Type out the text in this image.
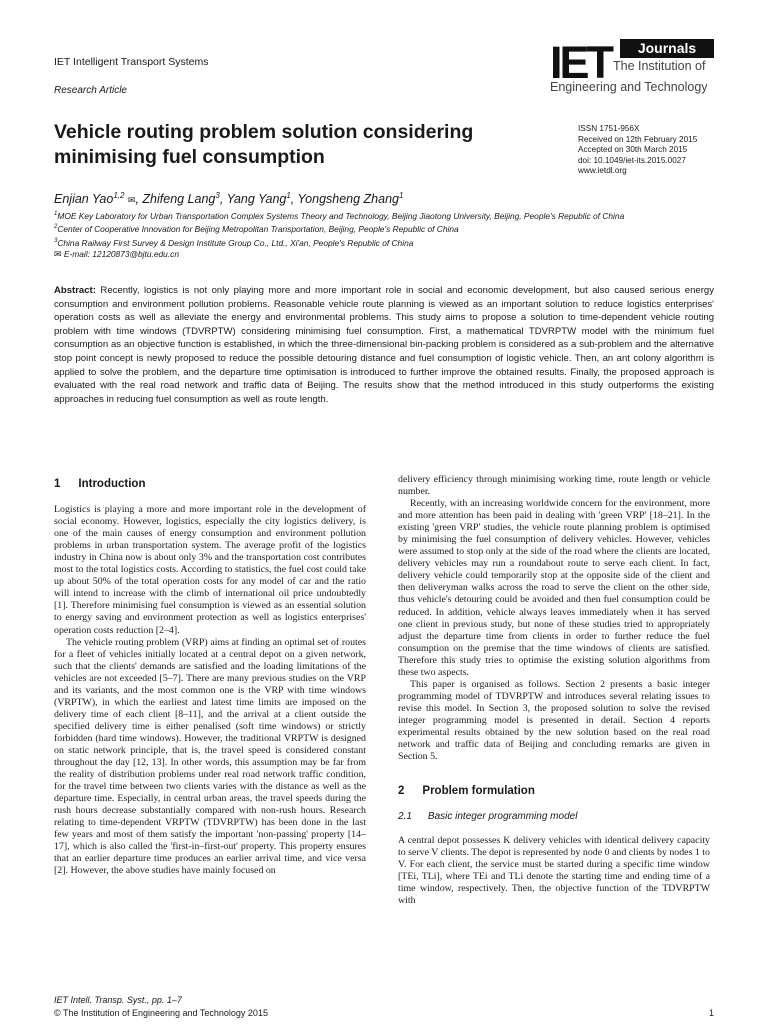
IET Intelligent Transport Systems
Research Article
IET	Journals
The Institution of
Engineering and Technology
Vehicle routing problem solution considering minimising fuel consumption
ISSN 1751-956X
Received on 12th February 2015
Accepted on 30th March 2015
doi: 10.1049/iet-its.2015.0027
www.ietdl.org
Enjian Yao$^{1,2}$ ✉, Zhifeng Lang$^3$, Yang Yang$^1$, Yongsheng Zhang$^1$
$^1$MOE Key Laboratory for Urban Transportation Complex Systems Theory and Technology, Beijing Jiaotong University, Beijing, People's Republic of China
$^2$Center of Cooperative Innovation for Beijing Metropolitan Transportation, Beijing, People's Republic of China
$^3$China Railway First Survey & Design Institute Group Co., Ltd., Xi'an, People's Republic of China
✉ E-mail: 12120873@bjtu.edu.cn

Abstract: Recently, logistics is not only playing more and more important role in social and economic development, but also caused serious energy consumption and environment pollution problems. Reasonable vehicle route planning is viewed as an important solution to reduce logistics enterprises' operation costs as well as alleviate the energy and environmental problems. This study aims to propose a solution to time-dependent vehicle routing problem with time windows (TDVRPTW) considering minimising fuel consumption. First, a mathematical TDVRPTW model with the minimum fuel consumption as an objective function is established, in which the three-dimensional bin-packing problem is considered as a sub-problem and the alternative stop point concept is newly proposed to reduce the possible detouring distance and fuel consumption of logistic vehicle. Then, an ant colony algorithm is applied to solve the problem, and the departure time optimisation is introduced to further improve the obtained results. Finally, the proposed approach is evaluated with the real road network and traffic data of Beijing. The results show that the method introduced in this study outperforms the existing approaches in reducing fuel consumption as well as route length.

1 Introduction

Logistics is playing a more and more important role in the development of social economy. However, logistics, especially the city logistics delivery, is one of the main causes of energy consumption and environment pollution problems in urban transportation system. The average profit of the logistics industry in China now is about only 3% and the transportation cost contributes most to the total logistics costs. According to statistics, the fuel cost could take up about 50% of the total operation costs for any model of car and the ratio will intend to increase with the climb of international oil price undoubtedly [1]. Therefore minimising fuel consumption is viewed as an essential solution to energy saving and environment protection as well as logistics enterprises' operation costs reduction [2–4].

The vehicle routing problem (VRP) aims at finding an optimal set of routes for a fleet of vehicles initially located at a central depot on a given network, such that the clients' demands are satisfied and the loading limitations of the vehicles are not exceeded [5–7]. There are many previous studies on the VRP and its variants, and the most common one is the VRP with time windows (VRPTW), in which the earliest and latest time limits are imposed on the delivery time of each client [8–11], and the arrival at a client outside the specified delivery time is either penalised (soft time windows) or strictly forbidden (hard time windows). However, the traditional VRPTW is designed on static network principle, that is, the travel speed is considered constant throughout the day [12, 13]. In other words, this assumption may be far from the reality of distribution problems under real road network traffic condition, for the travel time between two clients varies with the distance as well as the departure time. Especially, in central urban areas, the travel speeds during the rush hours decrease substantially compared with non-rush hours. Research relating to time-dependent VRPTW (TDVRPTW) has been done in the last few years and most of them satisfy the important 'non-passing' property [14–17], which is also called the 'first-in–first-out' property. This property ensures that an earlier departure time produces an earlier arrival time, and vice versa [2]. However, the above studies have mainly focused on

delivery efficiency through minimising working time, route length or vehicle number.

Recently, with an increasing worldwide concern for the environment, more and more attention has been paid in dealing with 'green VRP' [18–21]. In the existing 'green VRP' studies, the vehicle route planning problem is optimised by minimising the fuel consumption of delivery vehicles. However, vehicles were assumed to stop only at the side of the road where the clients are located, delivery vehicles may run a roundabout route to serve each client. In fact, delivery vehicle could temporarily stop at the opposite side of the client and then deliveryman walks across the road to serve the client on the other side, thus vehicle's detouring could be avoided and then fuel consumption could be reduced. In addition, vehicle always leaves immediately when it has served one client in previous study, but none of these studies tried to appropriately adjust the departure time from clients in order to further reduce the fuel consumption on the premise that the time windows of clients are satisfied. Therefore this study tries to optimise the existing solution algorithms from these two aspects.

This paper is organised as follows. Section 2 presents a basic integer programming model of TDVRPTW and introduces several relating issues to revise this model. In Section 3, the proposed solution to solve the revised integer programming model is presented in detail. Section 4 reports experimental results obtained by the new solution based on the real road network and traffic data of Beijing and concluding remarks are given in Section 5.

2 Problem formulation
2.1 Basic integer programming model

A central depot possesses K delivery vehicles with identical delivery capacity to serve V clients. The depot is represented by node 0 and clients by nodes 1 to V. For each client, the service must be started during a specific time window [TEi, TLi], where TEi and TLi denote the starting time and ending time of a time window, respectively. Then, the objective function of the TDVRPTW with

IET Intell. Transp. Syst., pp. 1–7
© The Institution of Engineering and Technology 2015	1
